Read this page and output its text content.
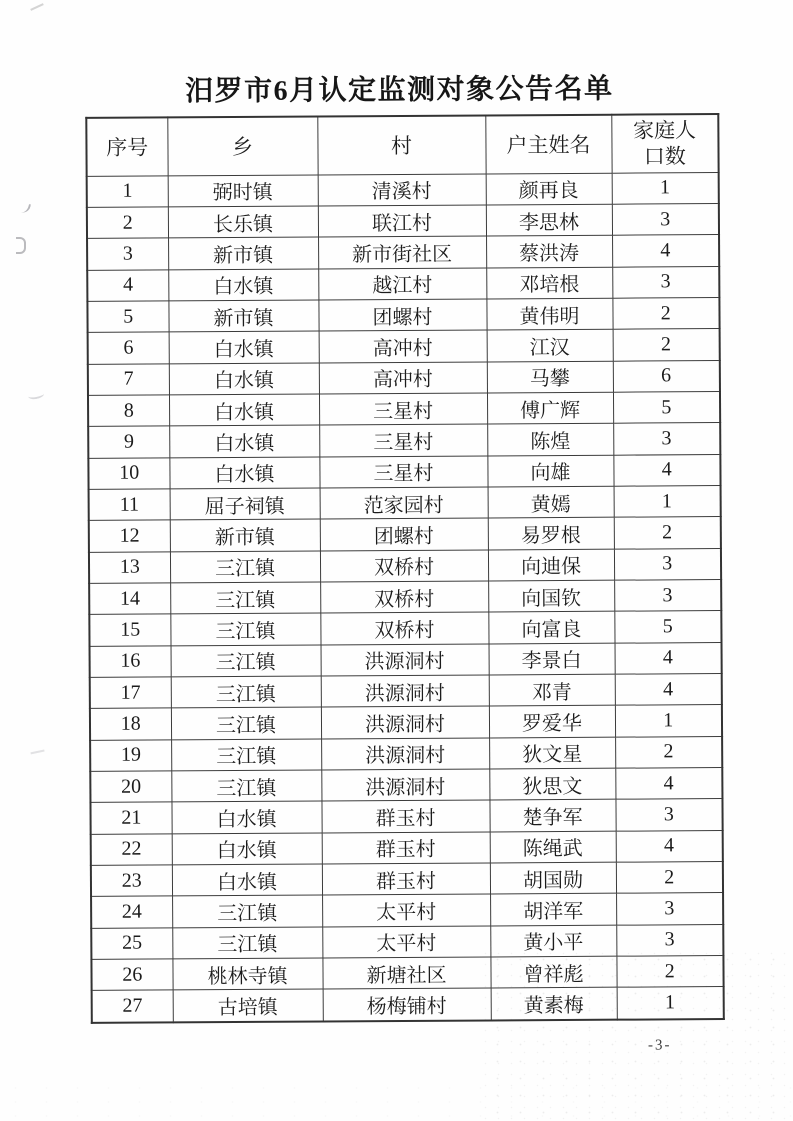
汨罗市6月认定监测对象公告名单
序号	乡	村	户主姓名	家庭人口数
1	弼时镇	清溪村	颜再良	1
2	长乐镇	联江村	李思林	3
3	新市镇	新市街社区	蔡洪涛	4
4	白水镇	越江村	邓培根	3
5	新市镇	团螺村	黄伟明	2
6	白水镇	高冲村	江汉	2
7	白水镇	高冲村	马攀	6
8	白水镇	三星村	傅广辉	5
9	白水镇	三星村	陈煌	3
10	白水镇	三星村	向雄	4
11	屈子祠镇	范家园村	黄嫣	1
12	新市镇	团螺村	易罗根	2
13	三江镇	双桥村	向迪保	3
14	三江镇	双桥村	向国钦	3
15	三江镇	双桥村	向富良	5
16	三江镇	洪源洞村	李景白	4
17	三江镇	洪源洞村	邓青	4
18	三江镇	洪源洞村	罗爱华	1
19	三江镇	洪源洞村	狄文星	2
20	三江镇	洪源洞村	狄思文	4
21	白水镇	群玉村	楚争军	3
22	白水镇	群玉村	陈绳武	4
23	白水镇	群玉村	胡国勋	2
24	三江镇	太平村	胡洋军	3
25	三江镇	太平村	黄小平	3
26	桃林寺镇	新塘社区	曾祥彪	2
27	古培镇	杨梅铺村	黄素梅	1
-3-
